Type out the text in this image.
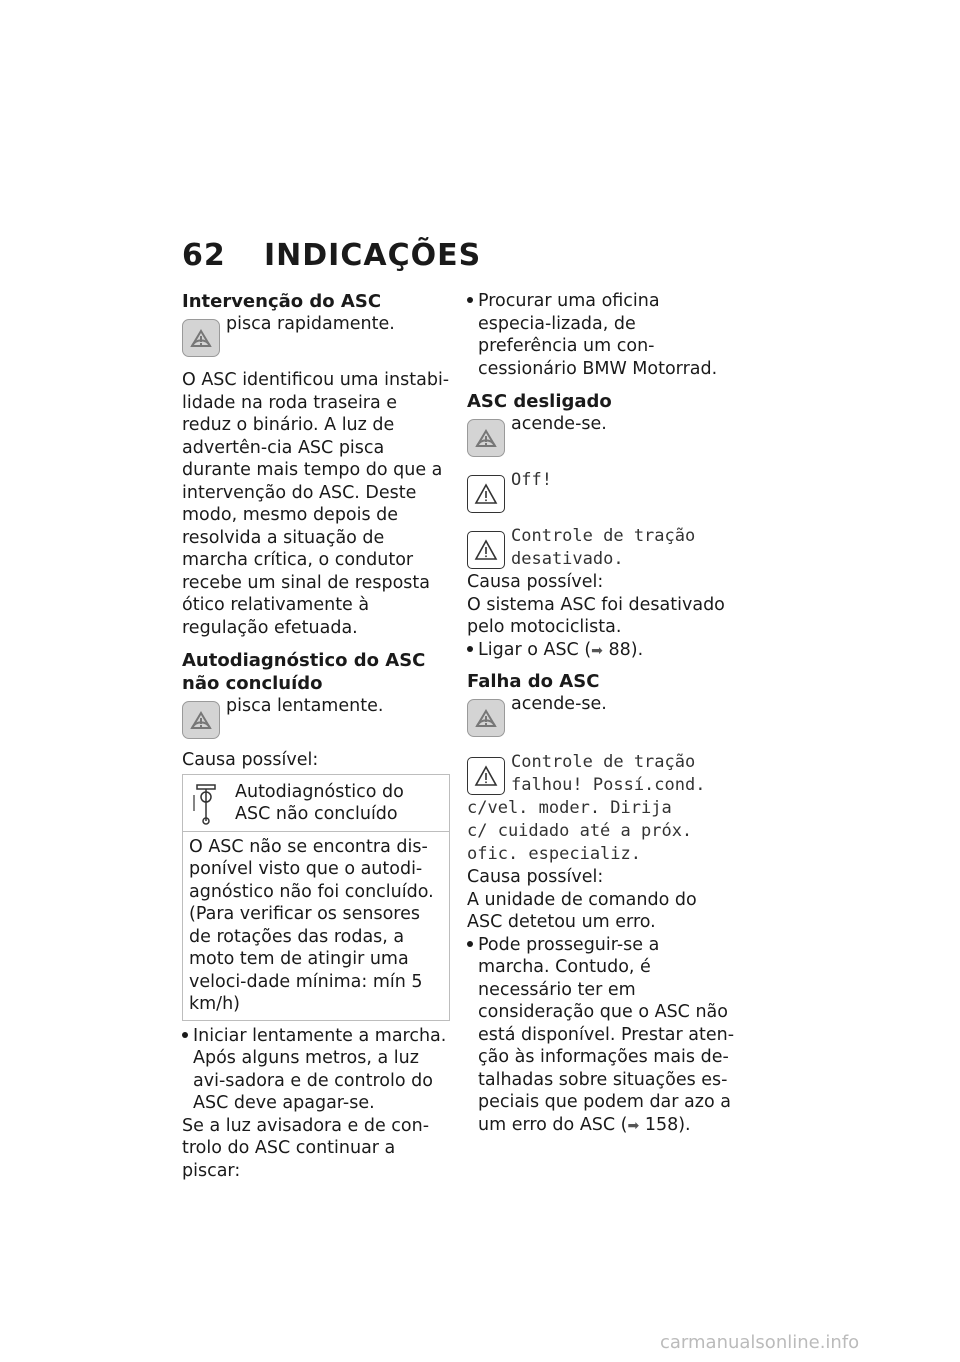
62 INDICAÇÕES

Intervenção do ASC

pisca rapidamente.

O ASC identificou uma instabi-lidade na roda traseira e reduz o binário. A luz de advertên-cia ASC pisca durante mais tempo do que a intervenção do ASC. Deste modo, mesmo depois de resolvida a situação de marcha crítica, o condutor recebe um sinal de resposta ótico relativamente à regulação efetuada.

Autodiagnóstico do ASC não concluído

pisca lentamente.

Causa possível:

Autodiagnóstico do ASC não concluído
O ASC não se encontra dis-ponível visto que o autodi-agnóstico não foi concluído. (Para verificar os sensores de rotações das rodas, a moto tem de atingir uma veloci-dade mínima: mín 5 km/h)
Iniciar lentamente a marcha. Após alguns metros, a luz avi-sadora e de controlo do ASC deve apagar-se.

Se a luz avisadora e de con-trolo do ASC continuar a piscar:

Procurar uma oficina especia-lizada, de preferência um con-cessionário BMW Motorrad.

ASC desligado

acende-se.
Off!
Controle de tração
desativado.

Causa possível:

O sistema ASC foi desativado pelo motociclista.

Ligar o ASC (➡ 88).

Falha do ASC

acende-se.
Controle de tração
falhou! Possí.cond.
c/vel. moder. Dirija
c/ cuidado até a próx.
ofic. especializ.

Causa possível:

A unidade de comando do ASC detetou um erro.

Pode prosseguir-se a marcha. Contudo, é necessário ter em consideração que o ASC não está disponível. Prestar aten-ção às informações mais de-talhadas sobre situações es-peciais que podem dar azo a um erro do ASC (➡ 158).
carmanualsonline.info
